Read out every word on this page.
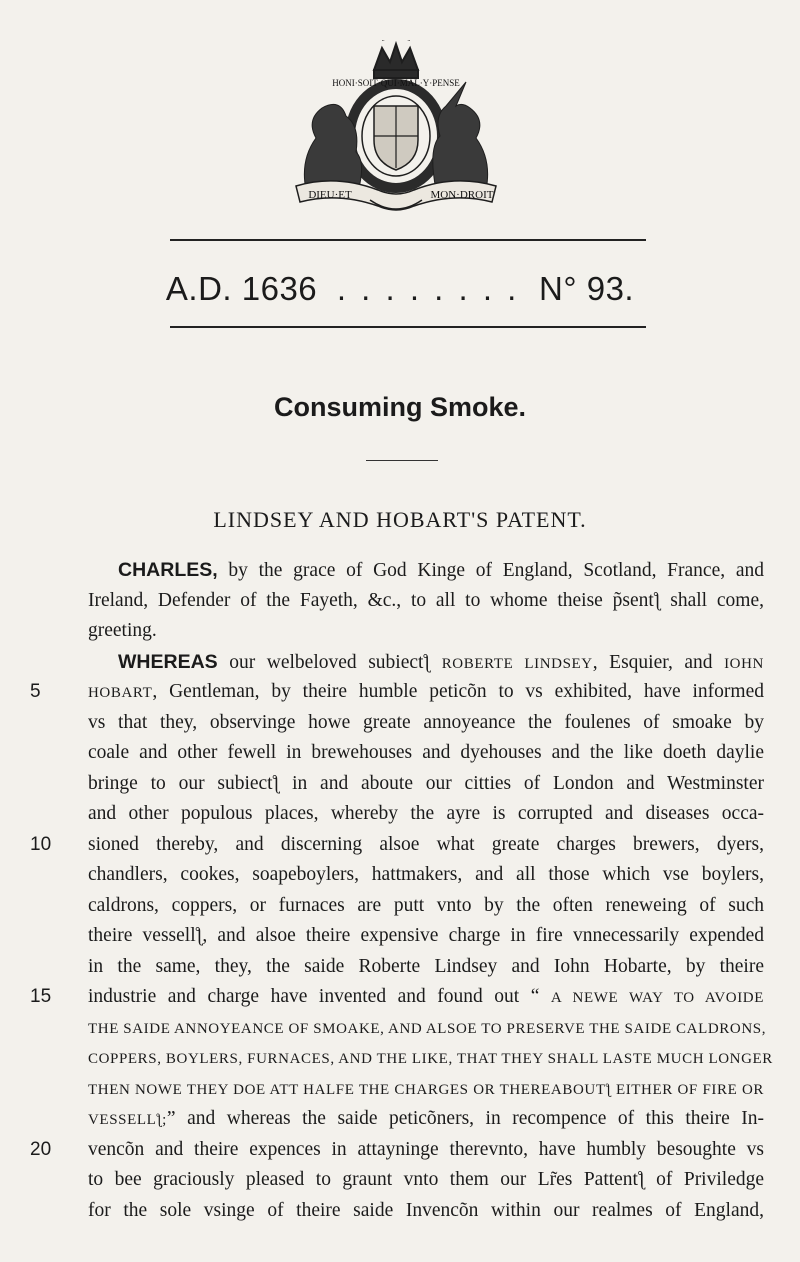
HONI·SOIT·QUI·MAL·Y·PENSE
DIEU·ET	MON·DROIT
A.D. 1636 . . . . . . . . N° 93.
Consuming Smoke.
LINDSEY AND HOBART'S PATENT.
CHARLES, by the grace of God Kinge of England, Scotland, France, and
Ireland, Defender of the Fayeth, &c., to all to whome theise p̃sentƪ shall come,
greeting.
WHEREAS our welbeloved subiectƪ ROBERTE LINDSEY, Esquier, and IOHN
5	HOBART, Gentleman, by theire humble peticõn to vs exhibited, have informed
vs that they, observinge howe greate annoyeance the foulenes of smoake by
coale and other fewell in brewehouses and dyehouses and the like doeth daylie
bringe to our subiectƪ in and aboute our citties of London and Westminster
and other populous places, whereby the ayre is corrupted and diseases occa-
10	sioned thereby, and discerning alsoe what greate charges brewers, dyers,
chandlers, cookes, soapeboylers, hattmakers, and all those which vse boylers,
caldrons, coppers, or furnaces are putt vnto by the often reneweing of such
theire vessellƪ, and alsoe theire expensive charge in fire vnnecessarily expended
in the same, they, the saide Roberte Lindsey and Iohn Hobarte, by theire
15	industrie and charge have invented and found out “ A NEWE WAY TO AVOIDE
THE SAIDE ANNOYEANCE OF SMOAKE, AND ALSOE TO PRESERVE THE SAIDE CALDRONS,
COPPERS, BOYLERS, FURNACES, AND THE LIKE, THAT THEY SHALL LASTE MUCH LONGER
THEN NOWE THEY DOE ATT HALFE THE CHARGES OR THEREABOUTƪ EITHER OF FIRE OR
VESSELLƪ;” and whereas the saide peticõners, in recompence of this theire In-
20	vencõn and theire expences in attayninge therevnto, have humbly besoughte vs
to bee graciously pleased to graunt vnto them our Lr̃es Pattentƪ of Priviledge
for the sole vsinge of theire saide Invencõn within our realmes of England,
